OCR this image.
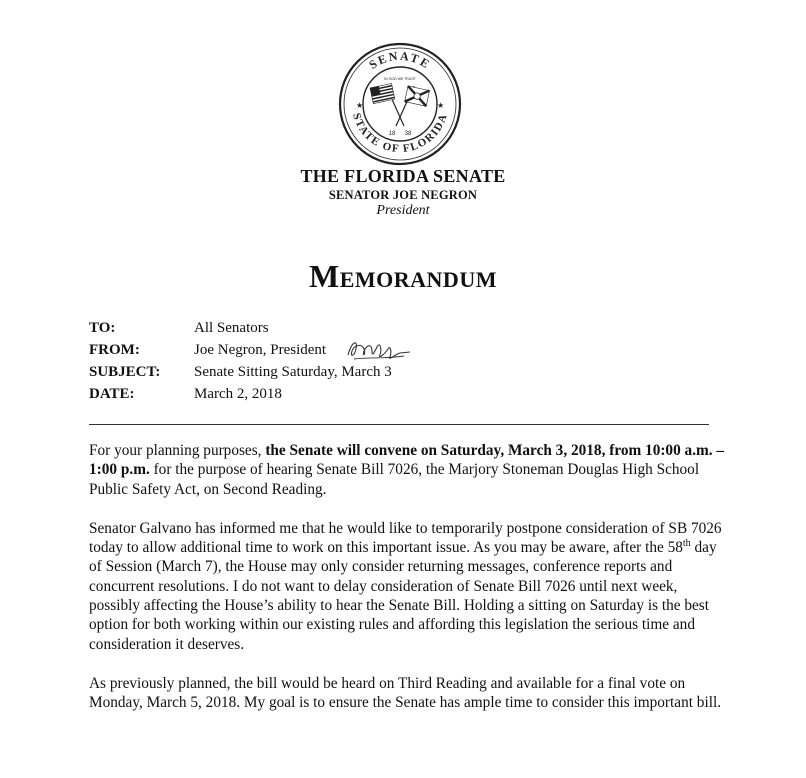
SENATE
STATE OF FLORIDA
★	★
IN GOD WE TRUST
18 38
THE FLORIDA SENATE
SENATOR JOE NEGRON
President
Memorandum
TO:	All Senators
FROM:	Joe Negron, President
SUBJECT:	Senate Sitting Saturday, March 3
DATE:	March 2, 2018

For your planning purposes, the Senate will convene on Saturday, March 3, 2018, from 10:00 a.m. – 1:00 p.m. for the purpose of hearing Senate Bill 7026, the Marjory Stoneman Douglas High School Public Safety Act, on Second Reading.

Senator Galvano has informed me that he would like to temporarily postpone consideration of SB 7026 today to allow additional time to work on this important issue. As you may be aware, after the 58th day of Session (March 7), the House may only consider returning messages, conference reports and concurrent resolutions. I do not want to delay consideration of Senate Bill 7026 until next week, possibly affecting the House’s ability to hear the Senate Bill. Holding a sitting on Saturday is the best option for both working within our existing rules and affording this legislation the serious time and consideration it deserves.

As previously planned, the bill would be heard on Third Reading and available for a final vote on Monday, March 5, 2018. My goal is to ensure the Senate has ample time to consider this important bill.
